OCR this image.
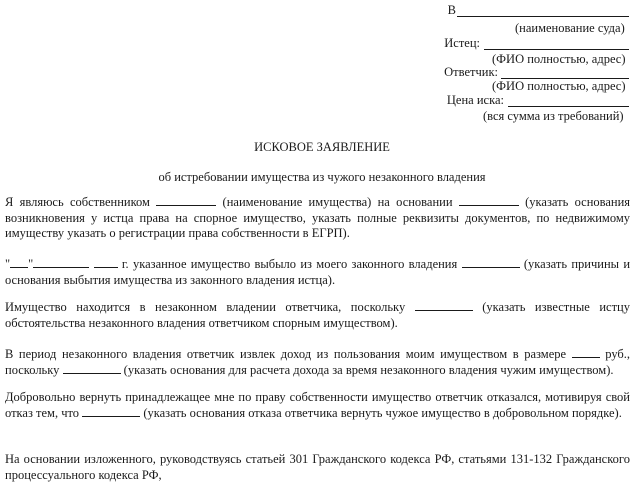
В
(наименование суда)
Истец:
(ФИО полностью, адрес)
Ответчик:
(ФИО полностью, адрес)
Цена иска:
(вся сумма из требований)
ИСКОВОЕ ЗАЯВЛЕНИЕ
об истребовании имущества из чужого незаконного владения
Я являюсь собственником	(наименование имущества) на основании	(указать основания возникновения у истца права на спорное имущество, указать полные реквизиты документов, по недвижимому имуществу указать о регистрации права собственности в ЕГРП).
" "	г. указанное имущество выбыло из моего законного владения	(указать причины и основания выбытия имущества из законного владения истца).
Имущество находится в незаконном владении ответчика, поскольку	(указать известные истцу обстоятельства незаконного владения ответчиком спорным имуществом).
В период незаконного владения ответчик извлек доход из пользования моим имуществом в размере	руб., поскольку	(указать основания для расчета дохода за время незаконного владения чужим имуществом).
Добровольно вернуть принадлежащее мне по праву собственности имущество ответчик отказался, мотивируя свой отказ тем, что	(указать основания отказа ответчика вернуть чужое имущество в добровольном порядке).
На основании изложенного, руководствуясь статьей 301 Гражданского кодекса РФ, статьями 131-132 Гражданского процессуального кодекса РФ,
